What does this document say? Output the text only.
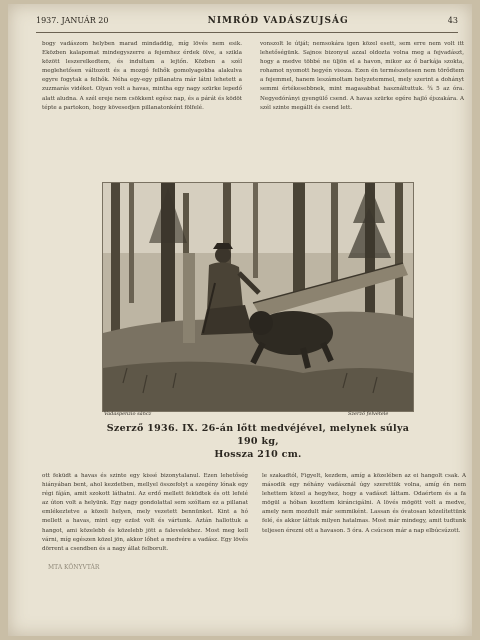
1937. JANUÁR 20	NIMRÓD VADÁSZUJSÁG	43

bogy vadászom helyben marad mindaddig, míg lövés nem esik. Eközben kalapomat mindegyszerre a fejemhez érdek ölve, a szikla között leszerelkedtem, és indultam a lejtőn. Közben a szél meglehetősen változott és a mozgó felhők gomolyagokba alakulva egyre fogytak a felhők. Néha egy-egy pillanatra már látni lehetett a zuzmarás vidéket. Olyan volt a havas, mintha egy nagy szürke lepedő alatt aludna. A szél ereje nem csökkent egész nap, és a párát és ködöt tépte a partokon, hogy kövesedjen pillanatonként fölfelé.

vonszolt le útját; nemsokára igen közel esett, sem erre nem volt itt lehetőségünk. Sajnos bizonyul azzal oldozta volna meg a fejvadászt, hogy a medve többé ne üljön el a havon, mikor az ő barkája szokta, rohamot nyomott hegyén vissza. Ezen én természetesen nem törődtem a fejemmel, hanem leszámoltam helyzetemmel, mely szerint a dohányt semmi értékesebbnek, mint magasabbat használtuttuk. ¾ 5 az óra. Negyedórányi gyengülő csend. A havas szürke egére hajló éjszakára. A szél szinte megállt és csend lett.

Vadaspenzio sáncz	Szerző felvétele
Szerző 1936. IX. 26-án lőtt medvéjével, melynek súlya 190 kg,
Hossza 210 cm.

ott feküdt a havas és szinte egy kissé bizonytalanul. Ezen lehetőség hiányában bent, ahol kezdetben, mellyel összefolyt a szegény lónak egy régi fáján, amit szokott láthatni. Az erdő mellett feküdtek és ott lefelé az úton volt a helyünk. Egy nagy gondolattal sem szóltam ez a pillanat emlékeztetve a közeli helyen, mely vezetett bennünket. Kint a hó mellett a havas, mint egy ezüst volt és vártunk. Aztán hallottuk a hangot, ami közelebb és közelebb jött a falevelekhez. Most meg kell várni, míg egészen közel jön, akkor lőhet a medvére a vadász. Egy lövés dörrent a csendben és a nagy állat felborult.

le szakadtól, Figyelt, kezdem, amíg a közelében az ei hangolt csak. A második egy néhány vadásznál úgy szerettük volna, amíg én nem lehettem közel a hegyhez, hogy a vadászt láttam. Odaértem és a fa mögül a hóban kezdtem kiráncigálni. A lövés mögött volt a medve, amely nem mozdult már semmiként. Lassan és óvatosan közelítettünk felé, és akkor láttuk milyen hatalmas. Most már mindegy, amit tudtunk teljesen érezni ott a havason. 5 óra. A csúcson már a nap elbúcsúzott.

MTA KÖNYVTÁR
